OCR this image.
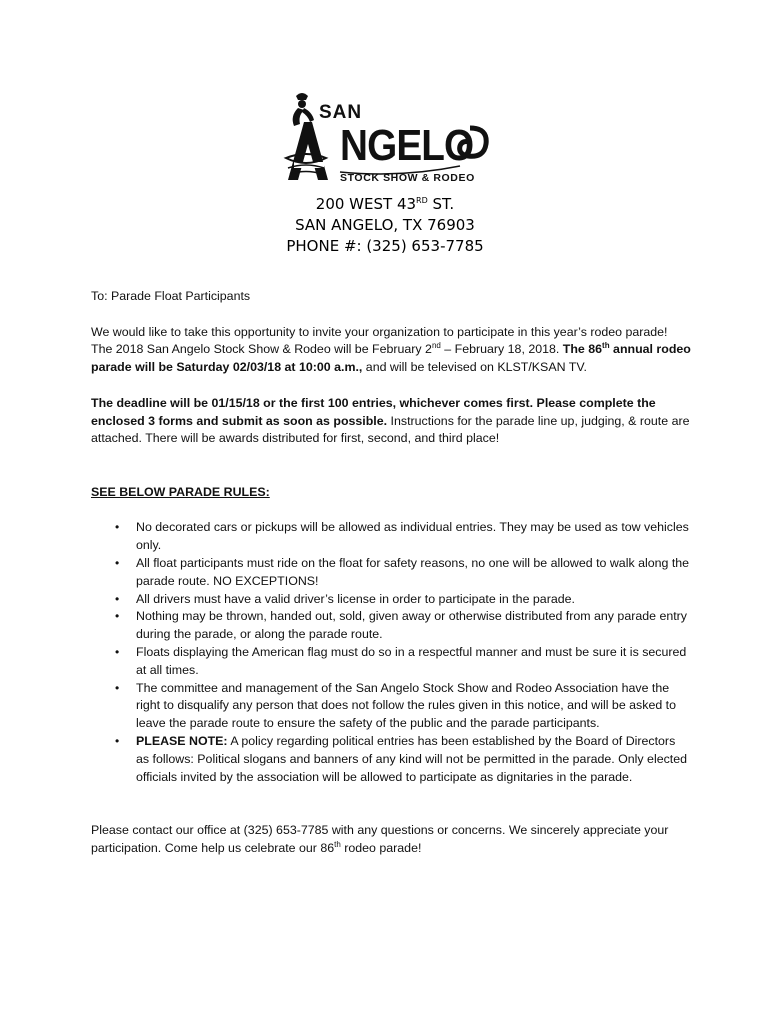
SAN
NGELO
STOCK SHOW & RODEO
200 WEST 43RD ST.
SAN ANGELO, TX 76903
PHONE #: (325) 653-7785

To: Parade Float Participants

We would like to take this opportunity to invite your organization to participate in this year’s rodeo parade! The 2018 San Angelo Stock Show & Rodeo will be February 2nd – February 18, 2018. The 86th annual rodeo parade will be Saturday 02/03/18 at 10:00 a.m., and will be televised on KLST/KSAN TV.

The deadline will be 01/15/18 or the first 100 entries, whichever comes first. Please complete the enclosed 3 forms and submit as soon as possible. Instructions for the parade line up, judging, & route are attached. There will be awards distributed for first, second, and third place!

SEE BELOW PARADE RULES:

• No decorated cars or pickups will be allowed as individual entries. They may be used as tow vehicles only.
• All float participants must ride on the float for safety reasons, no one will be allowed to walk along the parade route. NO EXCEPTIONS!
• All drivers must have a valid driver’s license in order to participate in the parade.
• Nothing may be thrown, handed out, sold, given away or otherwise distributed from any parade entry during the parade, or along the parade route.
• Floats displaying the American flag must do so in a respectful manner and must be sure it is secured at all times.
• The committee and management of the San Angelo Stock Show and Rodeo Association have the right to disqualify any person that does not follow the rules given in this notice, and will be asked to leave the parade route to ensure the safety of the public and the parade participants.
• PLEASE NOTE: A policy regarding political entries has been established by the Board of Directors as follows: Political slogans and banners of any kind will not be permitted in the parade. Only elected officials invited by the association will be allowed to participate as dignitaries in the parade.

Please contact our office at (325) 653-7785 with any questions or concerns. We sincerely appreciate your participation. Come help us celebrate our 86th rodeo parade!
